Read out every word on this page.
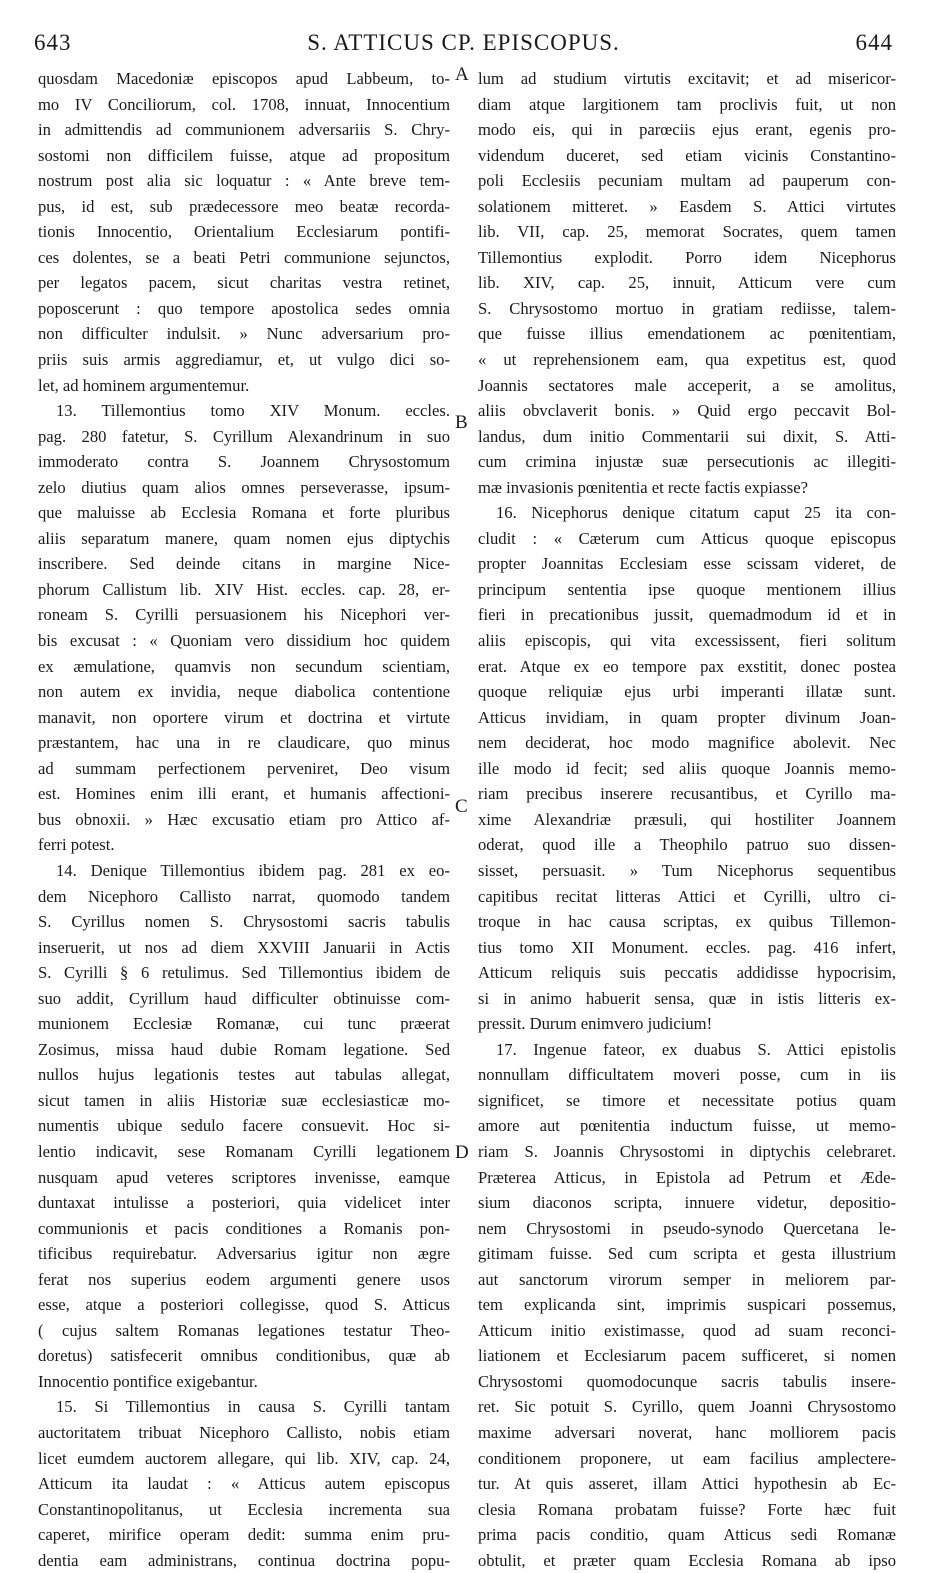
643	S. ATTICUS CP. EPISCOPUS.	644
A
B
C
D
quosdam Macedoniæ episcopos apud Labbeum, to-
mo IV Conciliorum, col. 1708, innuat, Innocentium
in admittendis ad communionem adversariis S. Chry-
sostomi non difficilem fuisse, atque ad propositum
nostrum post alia sic loquatur : « Ante breve tem-
pus, id est, sub prædecessore meo beatæ recorda-
tionis Innocentio, Orientalium Ecclesiarum pontifi-
ces dolentes, se a beati Petri communione sejunctos,
per legatos pacem, sicut charitas vestra retinet,
poposcerunt : quo tempore apostolica sedes omnia
non difficulter indulsit. » Nunc adversarium pro-
priis suis armis aggrediamur, et, ut vulgo dici so-
let, ad hominem argumentemur.
13. Tillemontius tomo XIV Monum. eccles.
pag. 280 fatetur, S. Cyrillum Alexandrinum in suo
immoderato contra S. Joannem Chrysostomum
zelo diutius quam alios omnes perseverasse, ipsum-
que maluisse ab Ecclesia Romana et forte pluribus
aliis separatum manere, quam nomen ejus diptychis
inscribere. Sed deinde citans in margine Nice-
phorum Callistum lib. XIV Hist. eccles. cap. 28, er-
roneam S. Cyrilli persuasionem his Nicephori ver-
bis excusat : « Quoniam vero dissidium hoc quidem
ex æmulatione, quamvis non secundum scientiam,
non autem ex invidia, neque diabolica contentione
manavit, non oportere virum et doctrina et virtute
præstantem, hac una in re claudicare, quo minus
ad summam perfectionem perveniret, Deo visum
est. Homines enim illi erant, et humanis affectioni-
bus obnoxii. » Hæc excusatio etiam pro Attico af-
ferri potest.
14. Denique Tillemontius ibidem pag. 281 ex eo-
dem Nicephoro Callisto narrat, quomodo tandem
S. Cyrillus nomen S. Chrysostomi sacris tabulis
inseruerit, ut nos ad diem XXVIII Januarii in Actis
S. Cyrilli § 6 retulimus. Sed Tillemontius ibidem de
suo addit, Cyrillum haud difficulter obtinuisse com-
munionem Ecclesiæ Romanæ, cui tunc præerat
Zosimus, missa haud dubie Romam legatione. Sed
nullos hujus legationis testes aut tabulas allegat,
sicut tamen in aliis Historiæ suæ ecclesiasticæ mo-
numentis ubique sedulo facere consuevit. Hoc si-
lentio indicavit, sese Romanam Cyrilli legationem
nusquam apud veteres scriptores invenisse, eamque
duntaxat intulisse a posteriori, quia videlicet inter
communionis et pacis conditiones a Romanis pon-
tificibus requirebatur. Adversarius igitur non ægre
ferat nos superius eodem argumenti genere usos
esse, atque a posteriori collegisse, quod S. Atticus
( cujus saltem Romanas legationes testatur Theo-
doretus) satisfecerit omnibus conditionibus, quæ ab
Innocentio pontifice exigebantur.
15. Si Tillemontius in causa S. Cyrilli tantam
auctoritatem tribuat Nicephoro Callisto, nobis etiam
licet eumdem auctorem allegare, qui lib. XIV, cap. 24,
Atticum ita laudat : « Atticus autem episcopus
Constantinopolitanus, ut Ecclesia incrementa sua
caperet, mirifice operam dedit: summa enim pru-
dentia eam administrans, continua doctrina popu-
lum ad studium virtutis excitavit; et ad misericor-
diam atque largitionem tam proclivis fuit, ut non
modo eis, qui in parœciis ejus erant, egenis pro-
videndum duceret, sed etiam vicinis Constantino-
poli Ecclesiis pecuniam multam ad pauperum con-
solationem mitteret. » Easdem S. Attici virtutes
lib. VII, cap. 25, memorat Socrates, quem tamen
Tillemontius explodit. Porro idem Nicephorus
lib. XIV, cap. 25, innuit, Atticum vere cum
S. Chrysostomo mortuo in gratiam rediisse, talem-
que fuisse illius emendationem ac pœnitentiam,
« ut reprehensionem eam, qua expetitus est, quod
Joannis sectatores male acceperit, a se amolitus,
aliis obvclaverit bonis. » Quid ergo peccavit Bol-
landus, dum initio Commentarii sui dixit, S. Atti-
cum crimina injustæ suæ persecutionis ac illegiti-
mæ invasionis pœnitentia et recte factis expiasse?
16. Nicephorus denique citatum caput 25 ita con-
cludit : « Cæterum cum Atticus quoque episcopus
propter Joannitas Ecclesiam esse scissam videret, de
principum sententia ipse quoque mentionem illius
fieri in precationibus jussit, quemadmodum id et in
aliis episcopis, qui vita excessissent, fieri solitum
erat. Atque ex eo tempore pax exstitit, donec postea
quoque reliquiæ ejus urbi imperanti illatæ sunt.
Atticus invidiam, in quam propter divinum Joan-
nem deciderat, hoc modo magnifice abolevit. Nec
ille modo id fecit; sed aliis quoque Joannis memo-
riam precibus inserere recusantibus, et Cyrillo ma-
xime Alexandriæ præsuli, qui hostiliter Joannem
oderat, quod ille a Theophilo patruo suo dissen-
sisset, persuasit. » Tum Nicephorus sequentibus
capitibus recitat litteras Attici et Cyrilli, ultro ci-
troque in hac causa scriptas, ex quibus Tillemon-
tius tomo XII Monument. eccles. pag. 416 infert,
Atticum reliquis suis peccatis addidisse hypocrisim,
si in animo habuerit sensa, quæ in istis litteris ex-
pressit. Durum enimvero judicium!
17. Ingenue fateor, ex duabus S. Attici epistolis
nonnullam difficultatem moveri posse, cum in iis
significet, se timore et necessitate potius quam
amore aut pœnitentia inductum fuisse, ut memo-
riam S. Joannis Chrysostomi in diptychis celebraret.
Præterea Atticus, in Epistola ad Petrum et Æde-
sium diaconos scripta, innuere videtur, depositio-
nem Chrysostomi in pseudo-synodo Quercetana le-
gitimam fuisse. Sed cum scripta et gesta illustrium
aut sanctorum virorum semper in meliorem par-
tem explicanda sint, imprimis suspicari possemus,
Atticum initio existimasse, quod ad suam reconci-
liationem et Ecclesiarum pacem sufficeret, si nomen
Chrysostomi quomodocunque sacris tabulis insere-
ret. Sic potuit S. Cyrillo, quem Joanni Chrysostomo
maxime adversari noverat, hanc molliorem pacis
conditionem proponere, ut eam facilius amplectere-
tur. At quis asseret, illam Attici hypothesin ab Ec-
clesia Romana probatam fuisse? Forte hæc fuit
prima pacis conditio, quam Atticus sedi Romanæ
obtulit, et præter quam Ecclesia Romana ab ipso
